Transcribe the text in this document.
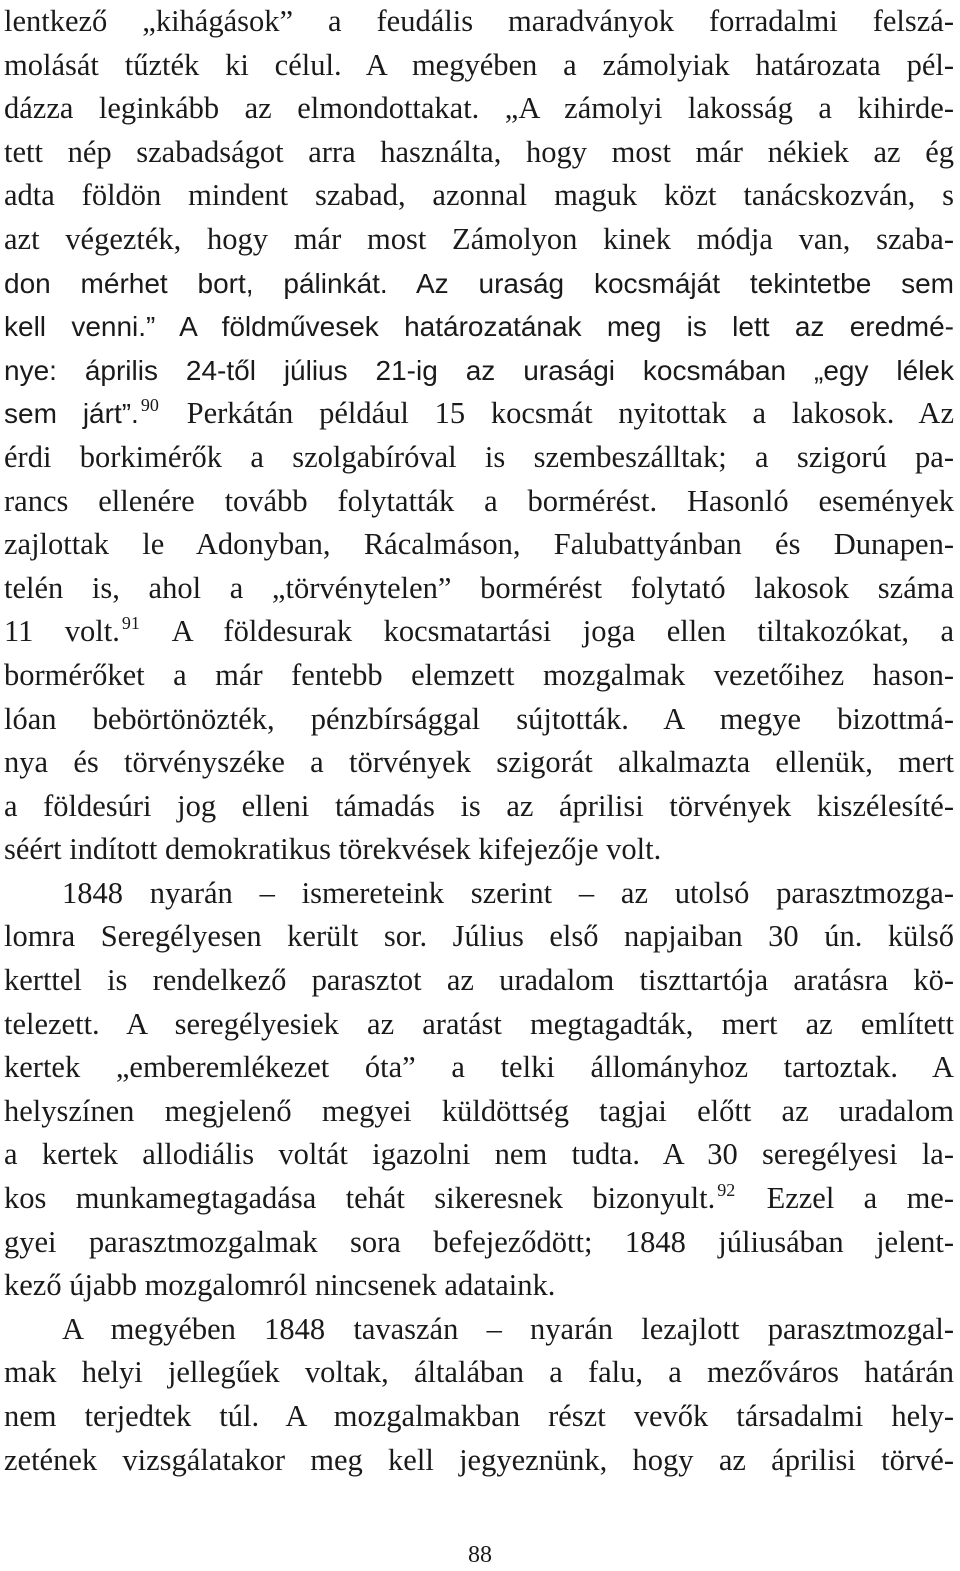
lentkező „kihágások” a feudális maradványok forradalmi felszá-
molását tűzték ki célul. A megyében a zámolyiak határozata pél-
dázza leginkább az elmondottakat. „A zámolyi lakosság a kihirde-
tett nép szabadságot arra használta, hogy most már nékiek az ég
adta földön mindent szabad, azonnal maguk közt tanácskozván, s
azt végezték, hogy már most Zámolyon kinek módja van, szaba-
don mérhet bort, pálinkát. Az uraság kocsmáját tekintetbe sem
kell venni.” A földművesek határozatának meg is lett az eredmé-
nye: április 24-től július 21-ig az urasági kocsmában „egy lélek
sem járt”. $^{90}$ Perkátán például 15 kocsmát nyitottak a lakosok. Az
érdi borkimérők a szolgabíróval is szembeszálltak; a szigorú pa-
rancs ellenére tovább folytatták a bormérést. Hasonló események
zajlottak le Adonyban, Rácalmáson, Falubattyánban és Dunapen-
telén is, ahol a „törvénytelen” bormérést folytató lakosok száma
11 volt. $^{91}$ A földesurak kocsmatartási joga ellen tiltakozókat, a
bormérőket a már fentebb elemzett mozgalmak vezetőihez hason-
lóan bebörtönözték, pénzbírsággal sújtották. A megye bizottmá-
nya és törvényszéke a törvények szigorát alkalmazta ellenük, mert
a földesúri jog elleni támadás is az áprilisi törvények kiszélesíté-
séért indított demokratikus törekvések kifejezője volt.
1848 nyarán – ismereteink szerint – az utolsó parasztmozga-
lomra Seregélyesen került sor. Július első napjaiban 30 ún. külső
kerttel is rendelkező parasztot az uradalom tiszttartója aratásra kö-
telezett. A seregélyesiek az aratást megtagadták, mert az említett
kertek „emberemlékezet óta” a telki állományhoz tartoztak. A
helyszínen megjelenő megyei küldöttség tagjai előtt az uradalom
a kertek allodiális voltát igazolni nem tudta. A 30 seregélyesi la-
kos munkamegtagadása tehát sikeresnek bizonyult. $^{92}$ Ezzel a me-
gyei parasztmozgalmak sora befejeződött; 1848 júliusában jelent-
kező újabb mozgalomról nincsenek adataink.
A megyében 1848 tavaszán – nyarán lezajlott parasztmozgal-
mak helyi jellegűek voltak, általában a falu, a mezőváros határán
nem terjedtek túl. A mozgalmakban részt vevők társadalmi hely-
zetének vizsgálatakor meg kell jegyeznünk, hogy az áprilisi törvé-
88
